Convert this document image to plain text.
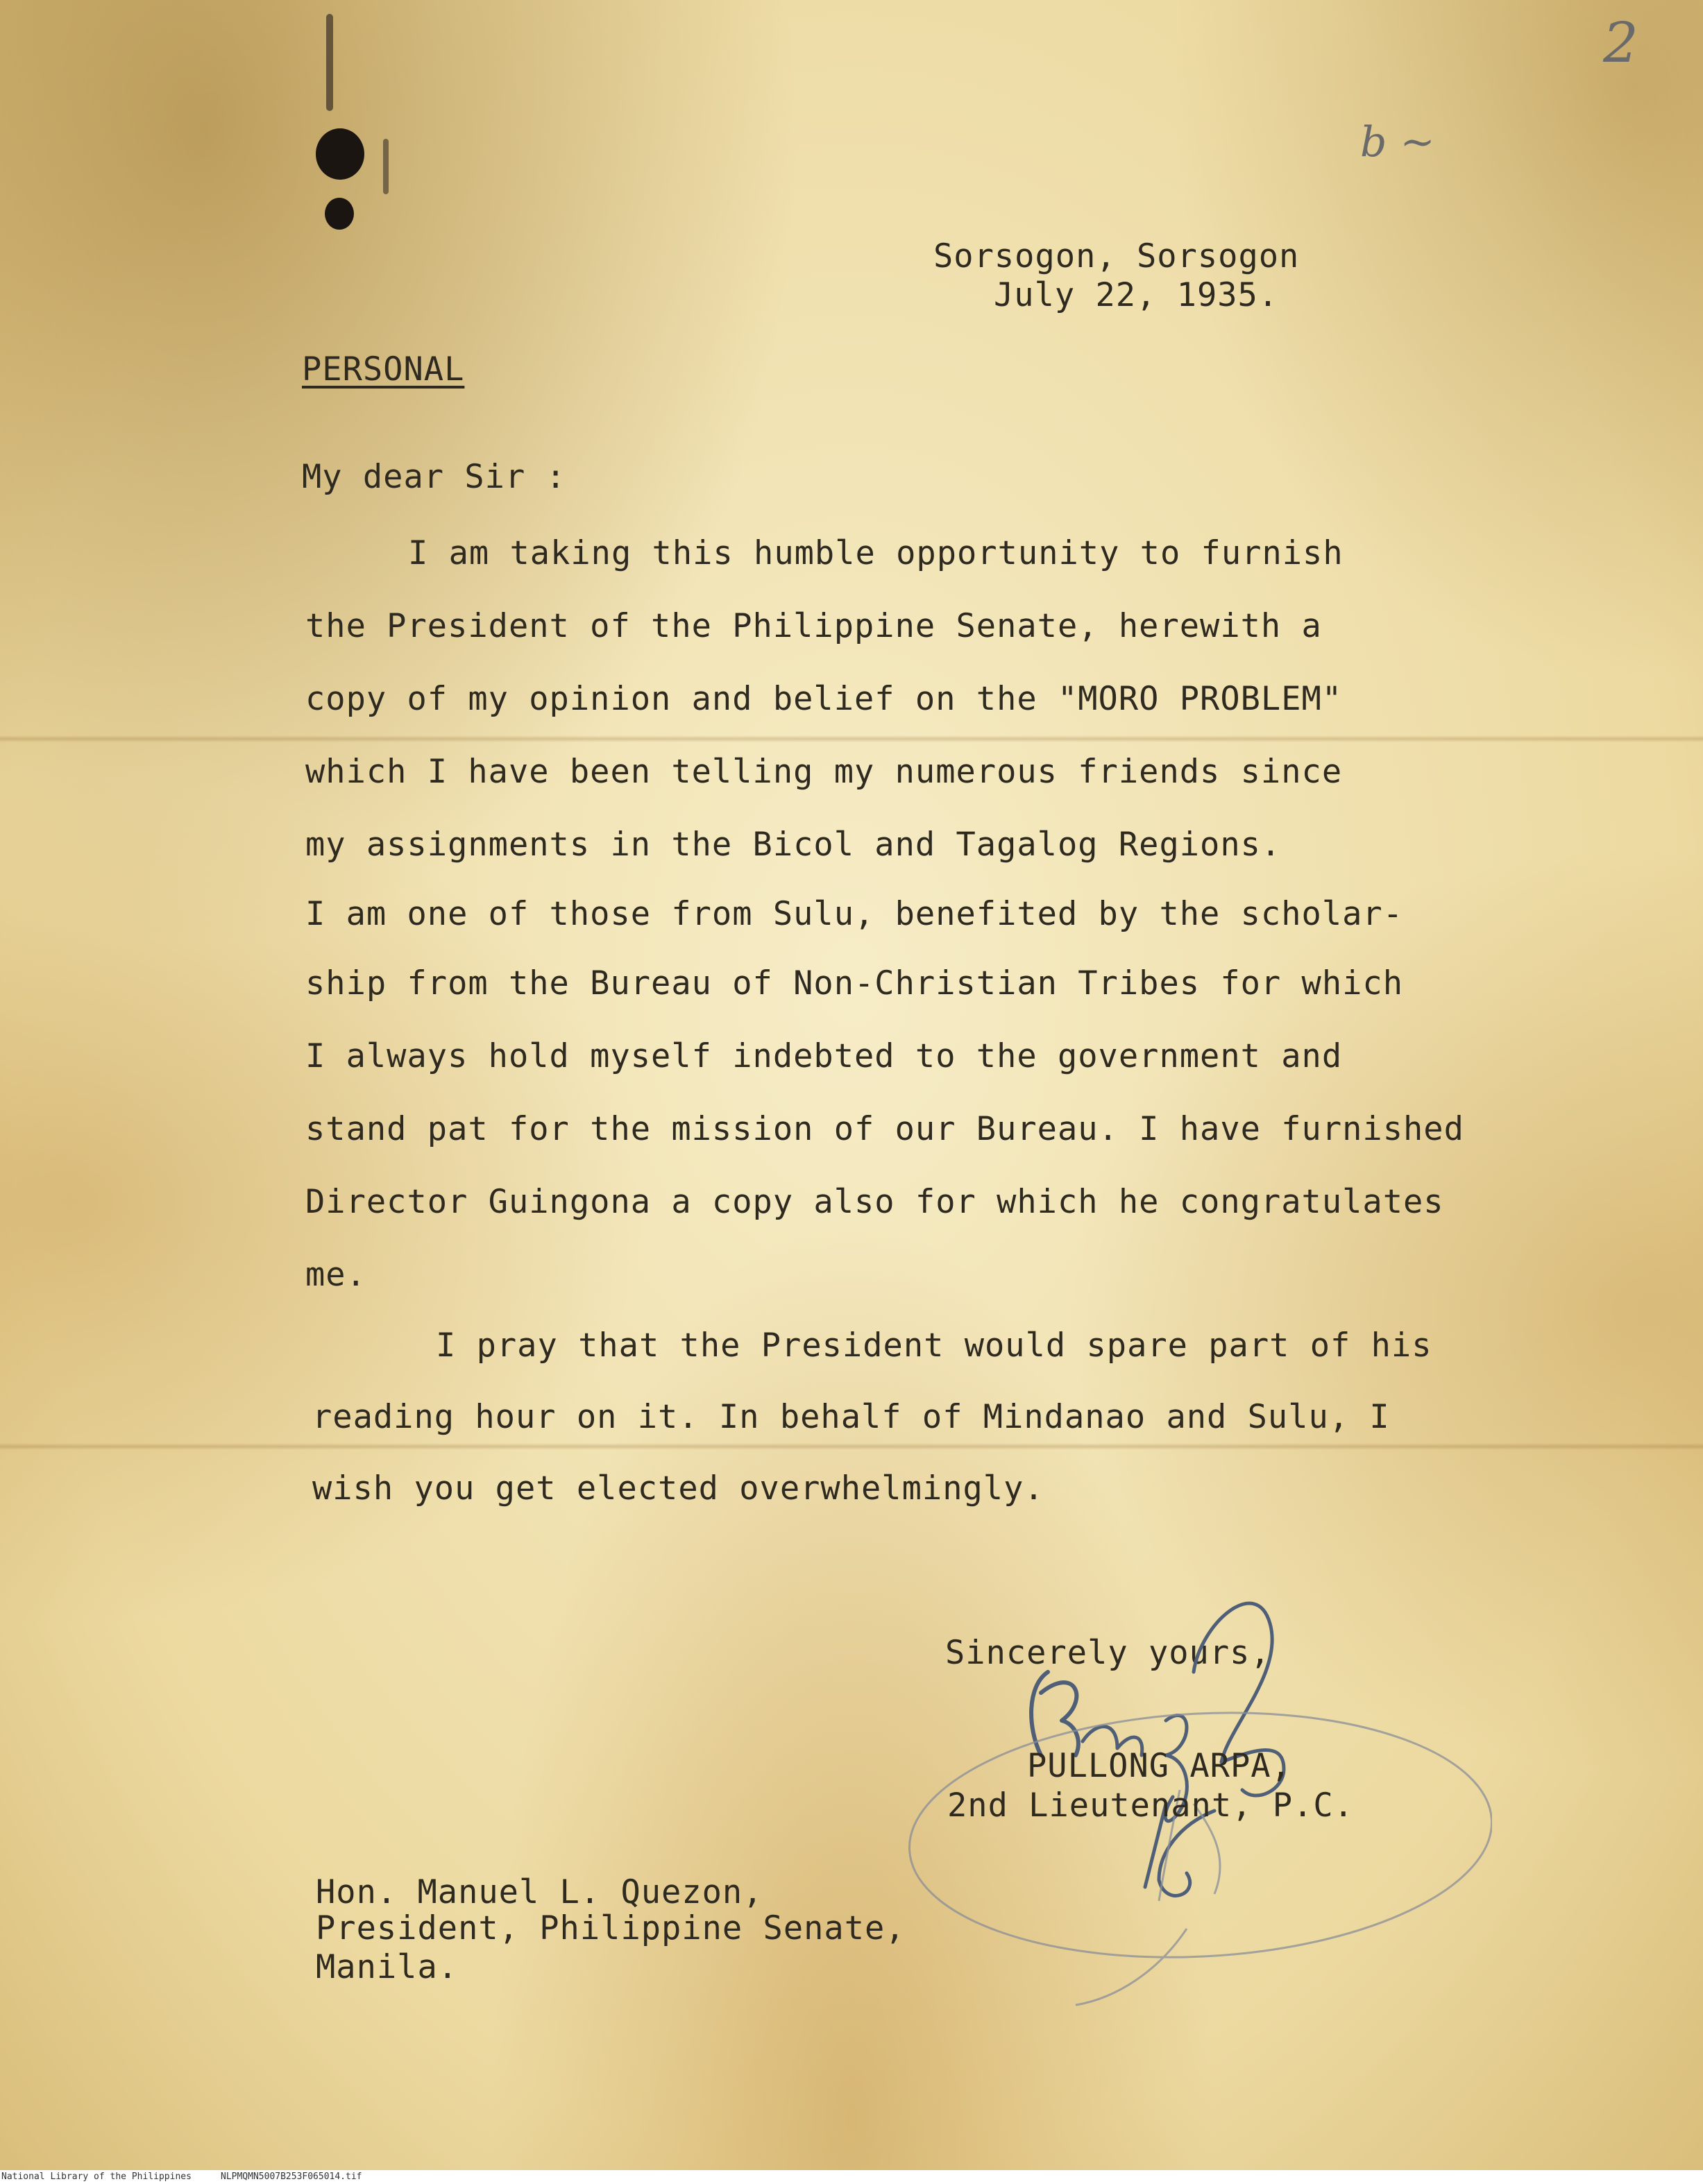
2
b ~
Sorsogon, Sorsogon
July 22, 1935.
PERSONAL
My dear Sir :
I am taking this humble opportunity to furnish
the President of the Philippine Senate, herewith a
copy of my opinion and belief on the "MORO PROBLEM"
which I have been telling my numerous friends since
my assignments in the Bicol and Tagalog Regions.
I am one of those from Sulu, benefited by the scholar-
ship from the Bureau of Non-Christian Tribes for which
I always hold myself indebted to the government and
stand pat for the mission of our Bureau. I have furnished
Director Guingona a copy also for which he congratulates
me.
I pray that the President would spare part of his
reading hour on it. In behalf of Mindanao and Sulu, I
wish you get elected overwhelmingly.
Sincerely yours,
PULLONG ARPA,
2nd Lieutenant, P.C.
Hon. Manuel L. Quezon,
President, Philippine Senate,
Manila.
National Library of the Philippines	NLPMQMN5007B253F065014.tif
